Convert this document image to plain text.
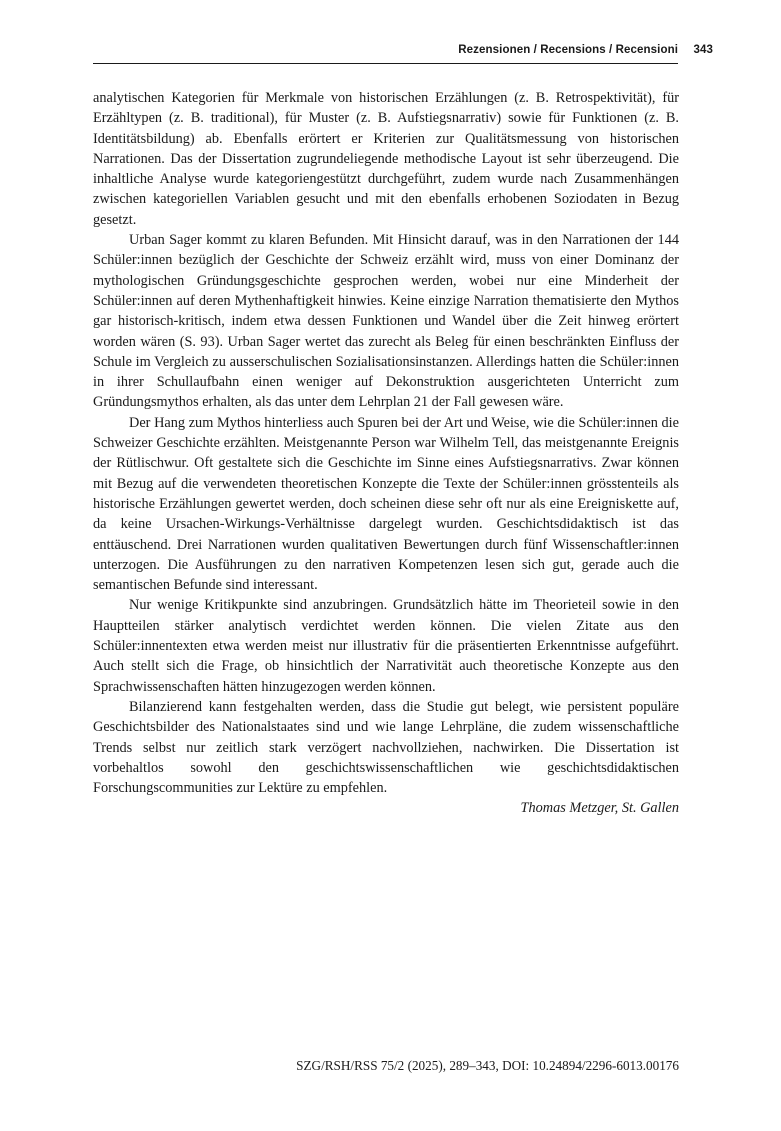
Rezensionen / Recensions / Recensioni 343

analytischen Kategorien für Merkmale von historischen Erzählungen (z. B. Retrospektivität), für Erzähltypen (z. B. traditional), für Muster (z. B. Aufstiegsnarrativ) sowie für Funktionen (z. B. Identitätsbildung) ab. Ebenfalls erörtert er Kriterien zur Qualitätsmessung von historischen Narrationen. Das der Dissertation zugrundeliegende methodische Layout ist sehr überzeugend. Die inhaltliche Analyse wurde kategoriengestützt durchgeführt, zudem wurde nach Zusammenhängen zwischen kategoriellen Variablen gesucht und mit den ebenfalls erhobenen Soziodaten in Bezug gesetzt.

Urban Sager kommt zu klaren Befunden. Mit Hinsicht darauf, was in den Narrationen der 144 Schüler:innen bezüglich der Geschichte der Schweiz erzählt wird, muss von einer Dominanz der mythologischen Gründungsgeschichte gesprochen werden, wobei nur eine Minderheit der Schüler:innen auf deren Mythenhaftigkeit hinwies. Keine einzige Narration thematisierte den Mythos gar historisch-kritisch, indem etwa dessen Funktionen und Wandel über die Zeit hinweg erörtert worden wären (S. 93). Urban Sager wertet das zurecht als Beleg für einen beschränkten Einfluss der Schule im Vergleich zu ausserschulischen Sozialisationsinstanzen. Allerdings hatten die Schüler:innen in ihrer Schullaufbahn einen weniger auf Dekonstruktion ausgerichteten Unterricht zum Gründungsmythos erhalten, als das unter dem Lehrplan 21 der Fall gewesen wäre.

Der Hang zum Mythos hinterliess auch Spuren bei der Art und Weise, wie die Schüler:innen die Schweizer Geschichte erzählten. Meistgenannte Person war Wilhelm Tell, das meistgenannte Ereignis der Rütlischwur. Oft gestaltete sich die Geschichte im Sinne eines Aufstiegsnarrativs. Zwar können mit Bezug auf die verwendeten theoretischen Konzepte die Texte der Schüler:innen grösstenteils als historische Erzählungen gewertet werden, doch scheinen diese sehr oft nur als eine Ereigniskette auf, da keine Ursachen-Wirkungs-Verhältnisse dargelegt wurden. Geschichtsdidaktisch ist das enttäuschend. Drei Narrationen wurden qualitativen Bewertungen durch fünf Wissenschaftler:innen unterzogen. Die Ausführungen zu den narrativen Kompetenzen lesen sich gut, gerade auch die semantischen Befunde sind interessant.

Nur wenige Kritikpunkte sind anzubringen. Grundsätzlich hätte im Theorieteil sowie in den Hauptteilen stärker analytisch verdichtet werden können. Die vielen Zitate aus den Schüler:innentexten etwa werden meist nur illustrativ für die präsentierten Erkenntnisse aufgeführt. Auch stellt sich die Frage, ob hinsichtlich der Narrativität auch theoretische Konzepte aus den Sprachwissenschaften hätten hinzugezogen werden können.

Bilanzierend kann festgehalten werden, dass die Studie gut belegt, wie persistent populäre Geschichtsbilder des Nationalstaates sind und wie lange Lehrpläne, die zudem wissenschaftliche Trends selbst nur zeitlich stark verzögert nachvollziehen, nachwirken. Die Dissertation ist vorbehaltlos sowohl den geschichtswissenschaftlichen wie geschichtsdidaktischen Forschungscommunities zur Lektüre zu empfehlen.

Thomas Metzger, St. Gallen

SZG/RSH/RSS 75/2 (2025), 289–343, DOI: 10.24894/2296-6013.00176
